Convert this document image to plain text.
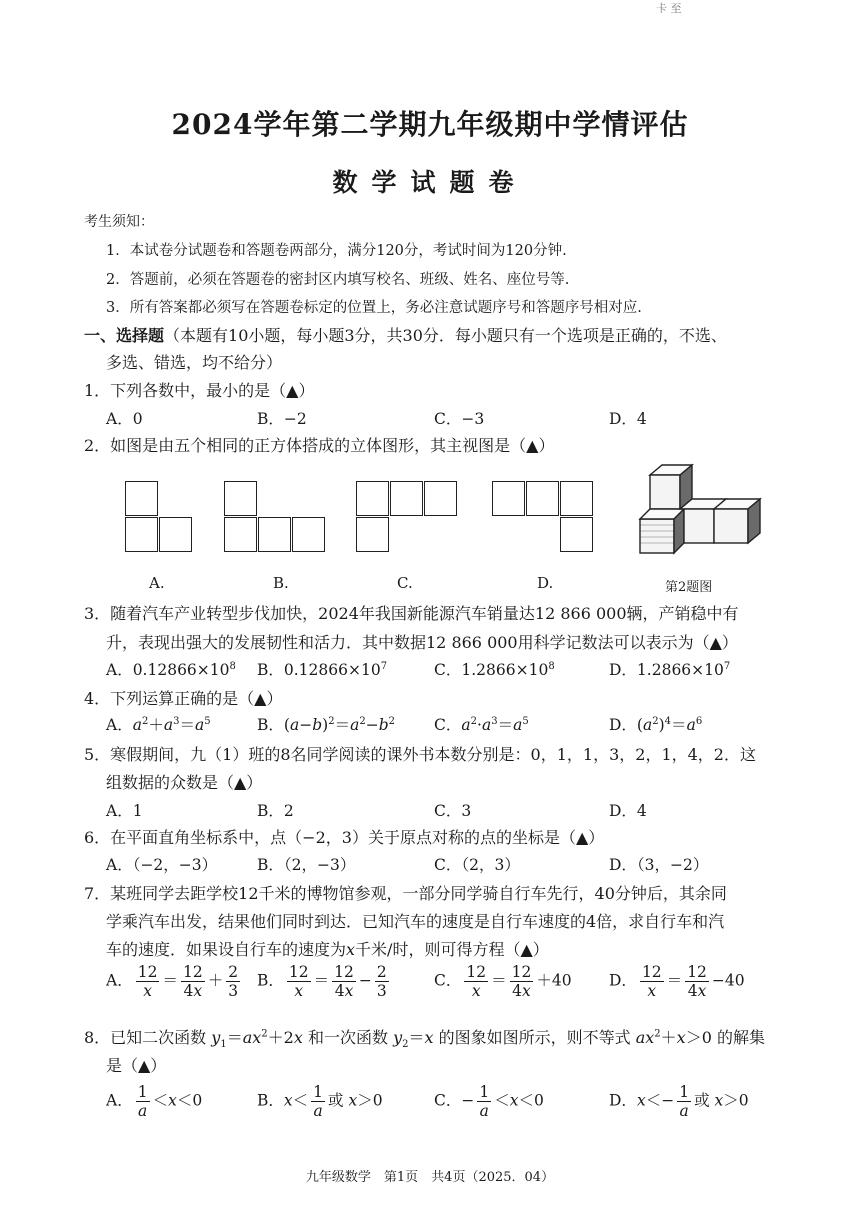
卡 ⾄
2024学年第二学期九年级期中学情评估
数学试题卷
考生须知：
1．本试卷分试题卷和答题卷两部分，满分120分，考试时间为120分钟.
2．答题前，必须在答题卷的密封区内填写校名、班级、姓名、座位号等.
3．所有答案都必须写在答题卷标定的位置上，务必注意试题序号和答题序号相对应.
一、选择题（本题有10小题，每小题3分，共30分．每小题只有一个选项是正确的，不选、
多选、错选，均不给分）
1．下列各数中，最小的是（▲）
A．0	B．−2	C．−3	D．4
2．如图是由五个相同的正方体搭成的立体图形，其主视图是（▲）
A.	B.	C.	D.	第2题图
3．随着汽车产业转型步伐加快，2024年我国新能源汽车销量达12 866 000辆，产销稳中有
升，表现出强大的发展韧性和活力．其中数据12 866 000用科学记数法可以表示为（▲）
A．$0.12866\times 10^8$ B．$0.12866\times 10^7$	C．$1.2866\times 10^8$	D．$1.2866\times 10^7$
4．下列运算正确的是（▲）
A．$a^2+a^3=a^5$	B．$(a-b)^2=a^2-b^2$	C．$a^2\cdot a^3=a^5$	D．$(a^2)^4=a^6$
5．寒假期间，九（1）班的8名同学阅读的课外书本数分别是：0，1，1，3，2，1，4，2．这
组数据的众数是（▲）
A．1	B．2	C．3	D．4
6．在平面直角坐标系中，点（−2，3）关于原点对称的点的坐标是（▲）
A．（−2，−3）	B．（2，−3）	C．（2，3）	D．（3，−2）
7．某班同学去距学校12千米的博物馆参观，一部分同学骑自行车先行，40分钟后，其余同
学乘汽车出发，结果他们同时到达．已知汽车的速度是自行车速度的4倍，求自行车和汽
车的速度．如果设自行车的速度为x千米/时，则可得方程（▲）
A． $\frac{12}{x} = \frac{12}{4x} + \frac{2}{3}$ B． $\frac{12}{x} = \frac{12}{4x} - \frac{2}{3}$	C． $\frac{12}{x} = \frac{12}{4x} +40$ D． $\frac{12}{x} = \frac{12}{4x} -40$
8．已知二次函数 $y_1=ax^2+2x$ 和一次函数 $y_2=x$ 的图象如图所示，则不等式 $ax^2+x>0$ 的解集
是（▲）
A． $\frac{1}{a} <x<0$	B．$x< \frac{1}{a}$ 或 x＞0	C．− $\frac{1}{a} <x<0$	D．$x<- \frac{1}{a}$ 或 x＞0
九年级数学　第1页　共4页（2025．04）
